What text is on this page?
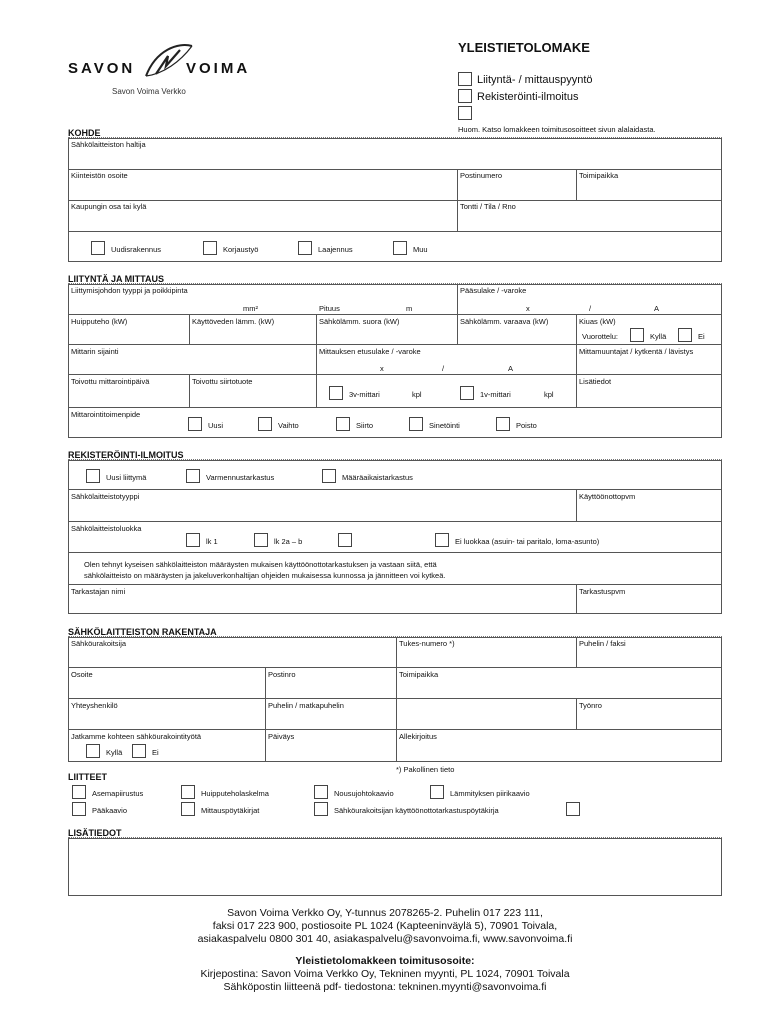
SAVON	VOIMA
Savon Voima Verkko
YLEISTIETOLOMAKE
Liityntä- / mittauspyyntö
Rekisteröinti-ilmoitus
Huom. Katso lomakkeen toimitusosoitteet sivun alalaidasta.
KOHDE
Sähkölaitteiston haltija
Kiinteistön osoite	Postinumero	Toimipaikka
Kaupungin osa tai kylä	Tontti / Tila / Rno
Uudisrakennus	Korjaustyö	Laajennus	Muu
LIITYNTÄ JA MITTAUS
Liittymisjohdon tyyppi ja poikkipinta	Pääsulake / -varoke
mm²	Pituus	m	x	/	A
Huipputeho (kW)	Käyttöveden lämm. (kW)	Sähkölämm. suora (kW)	Sähkölämm. varaava (kW)	Kiuas (kW)
Vuorottelu:	Kyllä	Ei
Mittarin sijainti	Mittauksen etusulake / -varoke	Mittamuuntajat / kytkentä / lävistys
x	/	A
Toivottu mittarointipäivä	Toivottu siirtotuote
3v-mittari	kpl	1v-mittari	kpl
Lisätiedot
Mittarointitoimenpide
Uusi	Vaihto	Siirto	Sinetöinti	Poisto
REKISTERÖINTI-ILMOITUS
Uusi liittymä	Varmennustarkastus	Määräaikaistarkastus
Sähkölaitteistotyyppi	Käyttöönottopvm
Sähkölaitteistoluokka
lk 1	lk 2a – b	Ei luokkaa (asuin- tai paritalo, loma-asunto)
Olen tehnyt kyseisen sähkölaitteiston määräysten mukaisen käyttöönottotarkastuksen ja vastaan siitä, että
sähkölaitteisto on määräysten ja jakeluverkonhaltijan ohjeiden mukaisessa kunnossa ja jännitteen voi kytkeä.
Tarkastajan nimi	Tarkastuspvm
SÄHKÖLAITTEISTON RAKENTAJA
Sähköurakoitsija	Tukes-numero *)	Puhelin / faksi
Osoite	Postinro	Toimipaikka
Yhteyshenkilö	Puhelin / matkapuhelin	Työnro
Jatkamme kohteen sähköurakointityötä
Kyllä	Ei
Päiväys	Allekirjoitus
*) Pakollinen tieto
LIITTEET
Asemapiirustus	Huipputeholaskelma	Nousujohtokaavio	Lämmityksen piirikaavio
Pääkaavio	Mittauspöytäkirjat	Sähköurakoitsijan käyttöönottotarkastuspöytäkirja
LISÄTIEDOT
Savon Voima Verkko Oy, Y-tunnus 2078265-2. Puhelin 017 223 111,
faksi 017 223 900, postiosoite PL 1024 (Kapteeninväylä 5), 70901 Toivala,
asiakaspalvelu 0800 301 40, asiakaspalvelu@savonvoima.fi, www.savonvoima.fi
Yleistietolomakkeen toimitusosoite:
Kirjepostina: Savon Voima Verkko Oy, Tekninen myynti, PL 1024, 70901 Toivala
Sähköpostin liitteenä pdf- tiedostona: tekninen.myynti@savonvoima.fi
